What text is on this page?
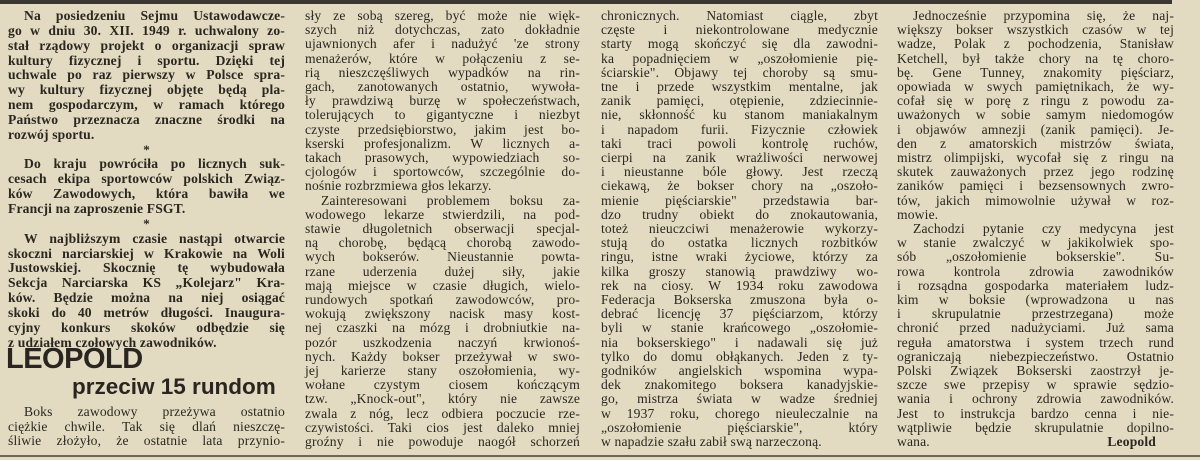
Na posiedzeniu Sejmu Ustawodawcze-
go w dniu 30. XII. 1949 r. uchwalony zo-
stał rządowy projekt o organizacji spraw
kultury fizycznej i sportu. Dzięki tej
uchwale po raz pierwszy w Polsce spra-
wy kultury fizycznej objęte będą pla-
nem gospodarczym, w ramach którego
Państwo przeznacza znaczne środki na
rozwój sportu.
*
Do kraju powróciła po licznych suk-
cesach ekipa sportowców polskich Związ-
ków Zawodowych, która bawiła we
Francji na zaproszenie FSGT.
*
W najbliższym czasie nastąpi otwarcie
skoczni narciarskiej w Krakowie na Woli
Justowskiej. Skocznię tę wybudowała
Sekcja Narciarska KS „Kolejarz" Kra-
ków. Będzie można na niej osiągać
skoki do 40 metrów długości. Inaugura-
cyjny konkurs skoków odbędzie się
z udziałem czołowych zawodników.
LEOPOLD
przeciw 15 rundom
Boks zawodowy przeżywa ostatnio
ciężkie chwile. Tak się dlań nieszczę-
śliwie złożyło, że ostatnie lata przynio-
sły ze sobą szereg, być może nie więk-
szych niż dotychczas, zato dokładnie
ujawnionych afer i nadużyć 'ze strony
menażerów, które w połączeniu z se-
rią nieszczęśliwych wypadków na rin-
gach, zanotowanych ostatnio, wywoła-
ły prawdziwą burzę w społeczeństwach,
tolerujących to gigantyczne i niezbyt
czyste przedsiębiorstwo, jakim jest bo-
kserski profesjonalizm. W licznych a-
takach prasowych, wypowiedziach so-
cjologów i sportowców, szczególnie do-
nośnie rozbrzmiewa głos lekarzy.
Zainteresowani problemem boksu za-
wodowego lekarze stwierdzili, na pod-
stawie długoletnich obserwacji specjal-
ną chorobę, będącą chorobą zawodo-
wych bokserów. Nieustannie powta-
rzane uderzenia dużej siły, jakie
mają miejsce w czasie długich, wielo-
rundowych spotkań zawodowców, pro-
wokują zwiększony nacisk masy kost-
nej czaszki na mózg i drobniutkie na-
pozór uszkodzenia naczyń krwionoś-
nych. Każdy bokser przeżywał w swo-
jej karierze stany oszołomienia, wy-
wołane czystym ciosem kończącym
tzw. „Knock-out", który nie zawsze
zwala z nóg, lecz odbiera poczucie rze-
czywistości. Taki cios jest daleko mniej
groźny i nie powoduje naogół schorzeń
chronicznych. Natomiast ciągle, zbyt
częste i niekontrolowane medycznie
starty mogą skończyć się dla zawodni-
ka popadnięciem w „oszołomienie pię-
ściarskie". Objawy tej choroby są smu-
tne i przede wszystkim mentalne, jak
zanik pamięci, otępienie, zdziecinnie-
nie, skłonność ku stanom maniakalnym
i napadom furii. Fizycznie człowiek
taki traci powoli kontrolę ruchów,
cierpi na zanik wrażliwości nerwowej
i nieustanne bóle głowy. Jest rzeczą
ciekawą, że bokser chory na „oszoło-
mienie pięściarskie" przedstawia bar-
dzo trudny obiekt do znokautowania,
toteż nieuczciwi menażerowie wykorzy-
stują do ostatka licznych rozbitków
ringu, istne wraki życiowe, którzy za
kilka groszy stanowią prawdziwy wo-
rek na ciosy. W 1934 roku zawodowa
Federacja Bokserska zmuszona była o-
debrać licencję 37 pięściarzom, którzy
byli w stanie krańcowego „oszołomie-
nia bokserskiego" i nadawali się już
tylko do domu obłąkanych. Jeden z ty-
godników angielskich wspomina wypa-
dek znakomitego boksera kanadyjskie-
go, mistrza świata w wadze średniej
w 1937 roku, chorego nieuleczalnie na
„oszołomienie pięściarskie", który
w napadzie szału zabił swą narzeczoną.
Jednocześnie przypomina się, że naj-
większy bokser wszystkich czasów w tej
wadze, Polak z pochodzenia, Stanisław
Ketchell, był także chory na tę choro-
bę. Gene Tunney, znakomity pięściarz,
opowiada w swych pamiętnikach, że wy-
cofał się w porę z ringu z powodu za-
uważonych w sobie samym niedomogów
i objawów amnezji (zanik pamięci). Je-
den z amatorskich mistrzów świata,
mistrz olimpijski, wycofał się z ringu na
skutek zauważonych przez jego rodzinę
zaników pamięci i bezsensownych zwro-
tów, jakich mimowolnie używał w roz-
mowie.
Zachodzi pytanie czy medycyna jest
w stanie zwalczyć w jakikolwiek spo-
sób „oszołomienie bokserskie". Su-
rowa kontrola zdrowia zawodników
i rozsądna gospodarka materiałem ludz-
kim w boksie (wprowadzona u nas
i skrupulatnie przestrzegana) może
chronić przed nadużyciami. Już sama
reguła amatorstwa i system trzech rund
ograniczają niebezpieczeństwo. Ostatnio
Polski Związek Bokserski zaostrzył je-
szcze swe przepisy w sprawie sędzio-
wania i ochrony zdrowia zawodników.
Jest to instrukcja bardzo cenna i nie-
wątpliwie będzie skrupulatnie dopilno-
wana.	Leopold
